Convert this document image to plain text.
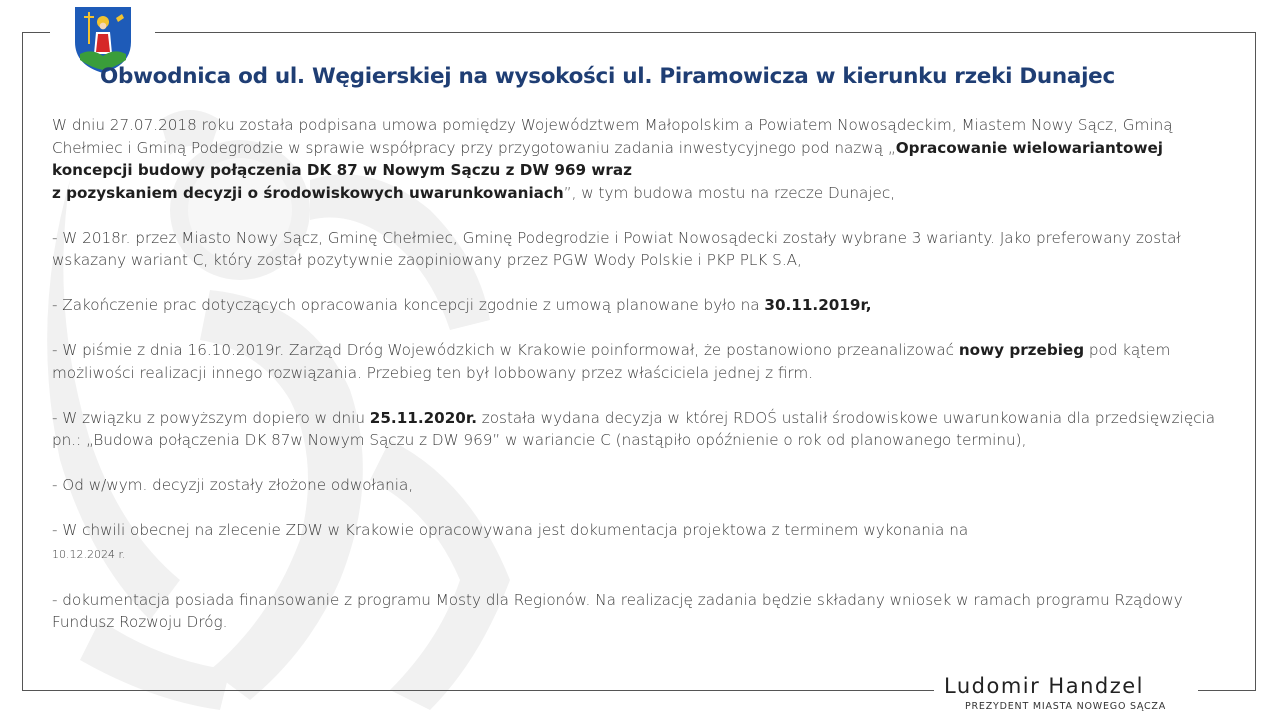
Obwodnica od ul. Węgierskiej na wysokości ul. Piramowicza w kierunku rzeki Dunajec

W dniu 27.07.2018 roku została podpisana umowa pomiędzy Województwem Małopolskim a Powiatem Nowosądeckim, Miastem Nowy Sącz, Gminą Chełmiec i Gminą Podegrodzie w sprawie współpracy przy przygotowaniu zadania inwestycyjnego pod nazwą „Opracowanie wielowariantowej koncepcji budowy połączenia DK 87 w Nowym Sączu z DW 969 wraz
z pozyskaniem decyzji o środowiskowych uwarunkowaniach”, w tym budowa mostu na rzecze Dunajec,

- W 2018r. przez Miasto Nowy Sącz, Gminę Chełmiec, Gminę Podegrodzie i Powiat Nowosądecki zostały wybrane 3 warianty. Jako preferowany został wskazany wariant C, który został pozytywnie zaopiniowany przez PGW Wody Polskie i PKP PLK S.A,

- Zakończenie prac dotyczących opracowania koncepcji zgodnie z umową planowane było na 30.11.2019r,

- W piśmie z dnia 16.10.2019r. Zarząd Dróg Wojewódzkich w Krakowie poinformował, że postanowiono przeanalizować nowy przebieg pod kątem możliwości realizacji innego rozwiązania. Przebieg ten był lobbowany przez właściciela jednej z firm.

- W związku z powyższym dopiero w dniu 25.11.2020r. została wydana decyzja w której RDOŚ ustalił środowiskowe uwarunkowania dla przedsięwzięcia pn.: „Budowa połączenia DK 87w Nowym Sączu z DW 969” w wariancie C (nastąpiło opóźnienie o rok od planowanego terminu),

- Od w/wym. decyzji zostały złożone odwołania,

- W chwili obecnej na zlecenie ZDW w Krakowie opracowywana jest dokumentacja projektowa z terminem wykonania na
10.12.2024 r.

- dokumentacja posiada finansowanie z programu Mosty dla Regionów. Na realizację zadania będzie składany wniosek w ramach programu Rządowy Fundusz Rozwoju Dróg.

Ludomir Handzel
PREZYDENT MIASTA NOWEGO SĄCZA
